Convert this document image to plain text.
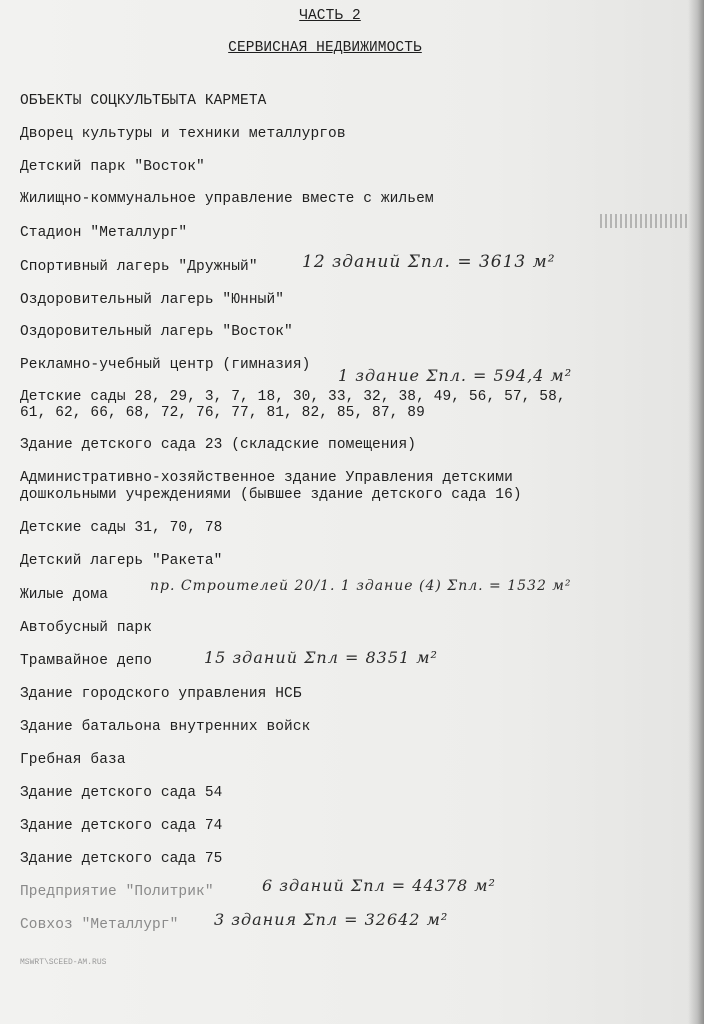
ЧАСТЬ 2
СЕРВИСНАЯ НЕДВИЖИМОСТЬ
ОБЪЕКТЫ СОЦКУЛЬТБЫТА КАРМЕТА
Дворец культуры и техники металлургов
Детский парк "Восток"
Жилищно-коммунальное управление вместе с жильем
Стадион "Металлург"
Спортивный лагерь "Дружный"
Оздоровительный лагерь "Юнный"
Оздоровительный лагерь "Восток"
Рекламно-учебный центр (гимназия)
Детские сады 28, 29, 3, 7, 18, 30, 33, 32, 38, 49, 56, 57, 58,
61, 62, 66, 68, 72, 76, 77, 81, 82, 85, 87, 89
Здание детского сада 23 (складские помещения)
Административно-хозяйственное здание Управления детскими
дошкольными учреждениями (бывшее здание детского сада 16)
Детские сады 31, 70, 78
Детский лагерь "Ракета"
Жилые дома
Автобусный парк
Трамвайное депо
Здание городского управления НСБ
Здание батальона внутренних войск
Гребная база
Здание детского сада 54
Здание детского сада 74
Здание детского сада 75
Предприятие "Политрик"
Совхоз "Металлург"
12 зданий Σпл. = 3613 м²
1 здание Σпл. = 594,4 м²
пр. Строителей 20/1. 1 здание (4) Σпл. = 1532 м²
15 зданий Σпл = 8351 м²
6 зданий Σпл = 44378 м²
3 здания Σпл = 32642 м²
MSWRT\SCEED-AM.RUS
